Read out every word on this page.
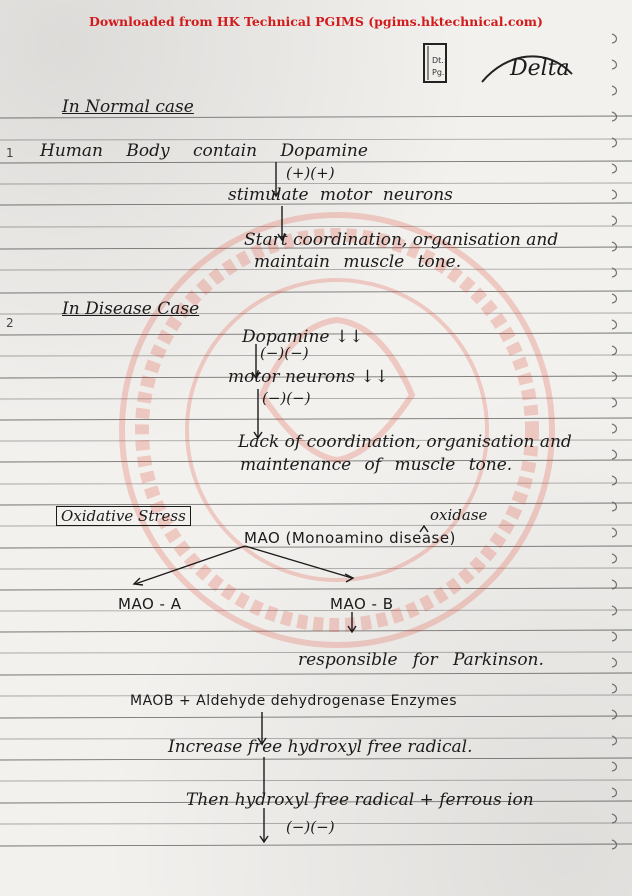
Downloaded from HK Technical PGIMS (pgims.hktechnical.com)
Dt.:
Pg.:	Delta
1
2
In Normal case
Human Body contain Dopamine
(+)(+)
stimulate motor neurons
Start coordination, organisation and
maintain muscle tone.
In Disease Case
Dopamine ↓↓
(−)(−)
motor neurons ↓↓
(−)(−)
Lack of coordination, organisation and
maintenance of muscle tone.
Oxidative Stress	oxidase
MAO (Monoamino disease)
MAO - A	MAO - B
responsible for Parkinson.
MAOB + Aldehyde dehydrogenase Enzymes
Increase free hydroxyl free radical.
Then hydroxyl free radical + ferrous ion
(−)(−)
